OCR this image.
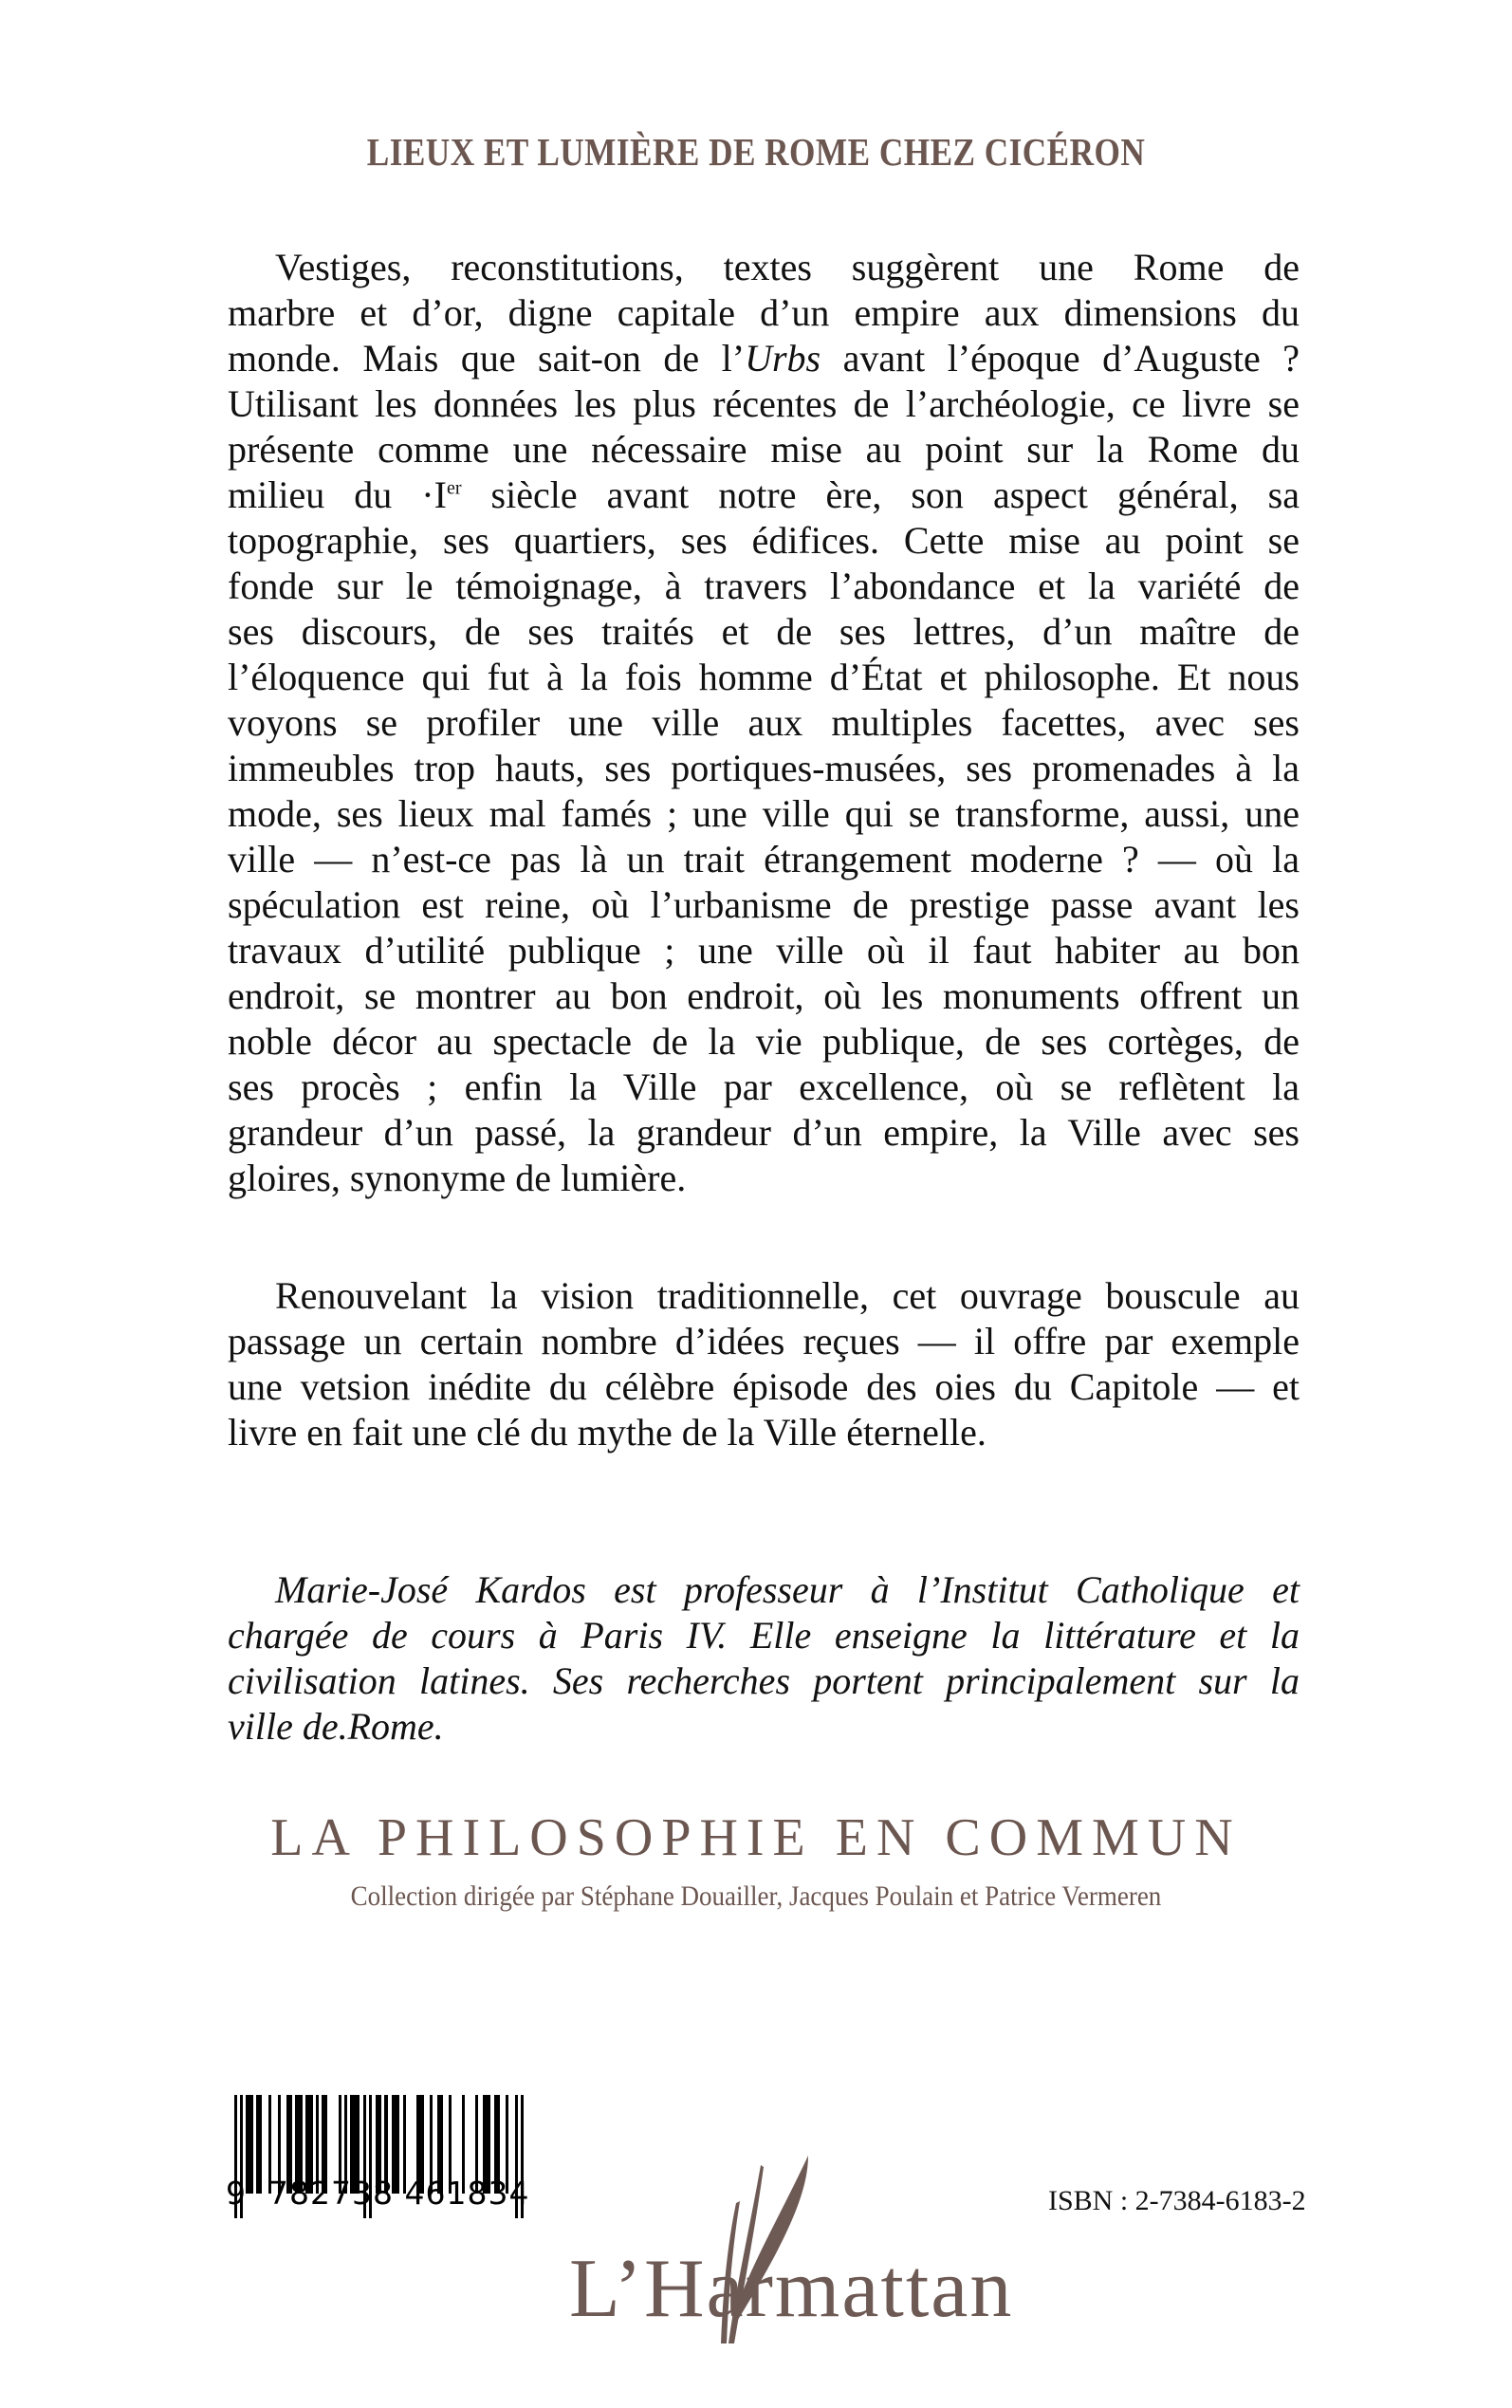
LIEUX ET LUMIÈRE DE ROME CHEZ CICÉRON
Vestiges, reconstitutions, textes suggèrent une Rome de
marbre et d’or, digne capitale d’un empire aux dimensions du
monde. Mais que sait-on de l’Urbs avant l’époque d’Auguste ?
Utilisant les données les plus récentes de l’archéologie, ce livre se
présente comme une nécessaire mise au point sur la Rome du
milieu du ·Ier siècle avant notre ère, son aspect général, sa
topographie, ses quartiers, ses édifices. Cette mise au point se
fonde sur le témoignage, à travers l’abondance et la variété de
ses discours, de ses traités et de ses lettres, d’un maître de
l’éloquence qui fut à la fois homme d’État et philosophe. Et nous
voyons se profiler une ville aux multiples facettes, avec ses
immeubles trop hauts, ses portiques-musées, ses promenades à la
mode, ses lieux mal famés ; une ville qui se transforme, aussi, une
ville — n’est-ce pas là un trait étrangement moderne ? — où la
spéculation est reine, où l’urbanisme de prestige passe avant les
travaux d’utilité publique ; une ville où il faut habiter au bon
endroit, se montrer au bon endroit, où les monuments offrent un
noble décor au spectacle de la vie publique, de ses cortèges, de
ses procès ; enfin la Ville par excellence, où se reflètent la
grandeur d’un passé, la grandeur d’un empire, la Ville avec ses
gloires, synonyme de lumière.
Renouvelant la vision traditionnelle, cet ouvrage bouscule au
passage un certain nombre d’idées reçues — il offre par exemple
une vetsion inédite du célèbre épisode des oies du Capitole — et
livre en fait une clé du mythe de la Ville éternelle.
Marie-José Kardos est professeur à l’Institut Catholique et
chargée de cours à Paris IV. Elle enseigne la littérature et la
civilisation latines. Ses recherches portent principalement sur la
ville de.Rome.
LA PHILOSOPHIE EN COMMUN
Collection dirigée par Stéphane Douailler, Jacques Poulain et Patrice Vermeren
9 782738 461834
L’Harmattan
ISBN : 2-7384-6183-2
